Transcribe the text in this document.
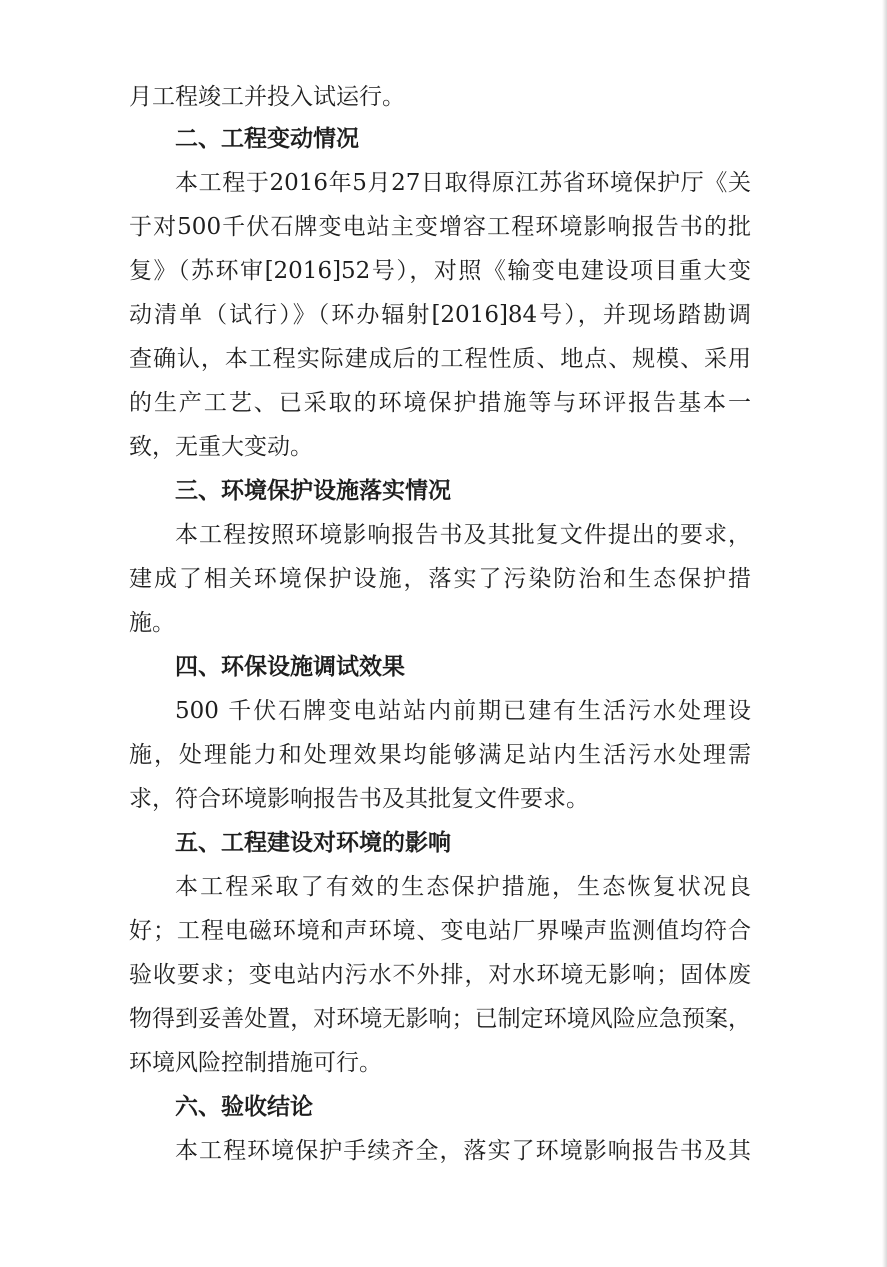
月工程竣工并投入试运行。

二、工程变动情况

本工程于2016年5月27日取得原江苏省环境保护厅《关

于对500千伏石牌变电站主变增容工程环境影响报告书的批

复》（苏环审[2016]52号），对照《输变电建设项目重大变

动清单（试行）》（环办辐射[2016]84号），并现场踏勘调

查确认，本工程实际建成后的工程性质、地点、规模、采用

的生产工艺、已采取的环境保护措施等与环评报告基本一

致，无重大变动。

三、环境保护设施落实情况

本工程按照环境影响报告书及其批复文件提出的要求，

建成了相关环境保护设施，落实了污染防治和生态保护措

施。

四、环保设施调试效果

500 千伏石牌变电站站内前期已建有生活污水处理设

施，处理能力和处理效果均能够满足站内生活污水处理需

求，符合环境影响报告书及其批复文件要求。

五、工程建设对环境的影响

本工程采取了有效的生态保护措施，生态恢复状况良

好；工程电磁环境和声环境、变电站厂界噪声监测值均符合

验收要求；变电站内污水不外排，对水环境无影响；固体废

物得到妥善处置，对环境无影响；已制定环境风险应急预案，

环境风险控制措施可行。

六、验收结论

本工程环境保护手续齐全，落实了环境影响报告书及其
